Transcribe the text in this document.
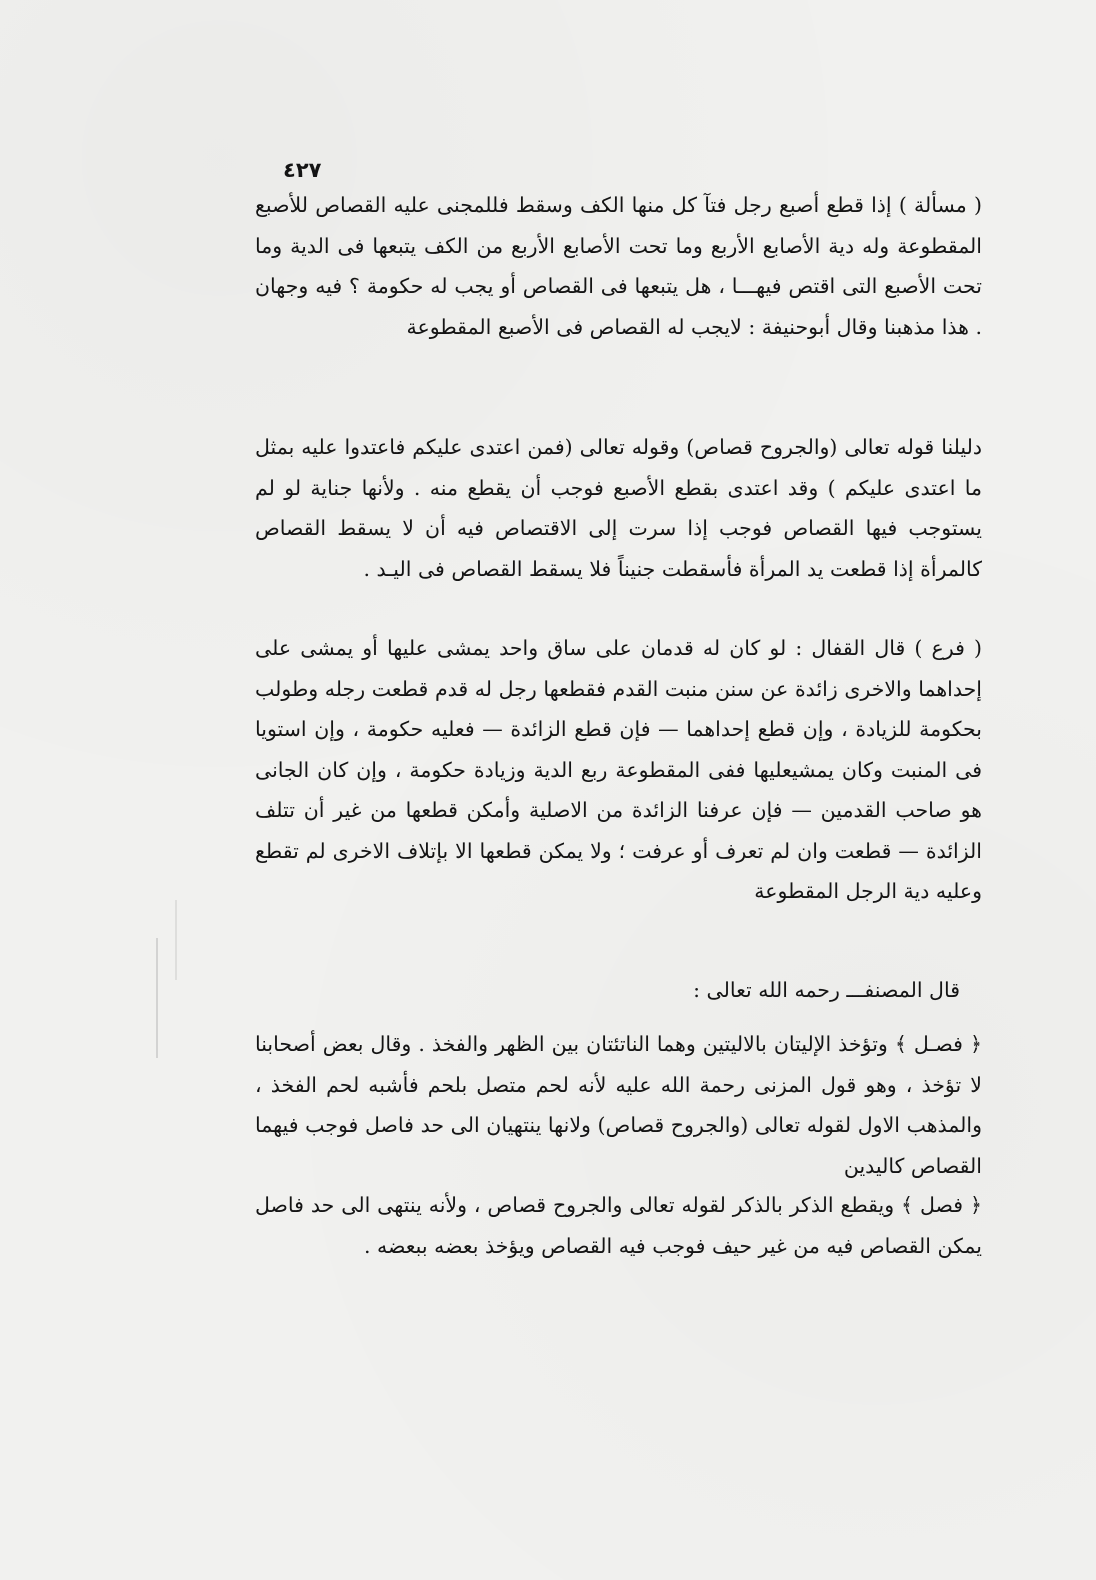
٤٢٧

( مسألة ) إذا قطع أصبع رجل فتآ كل منها الكف وسقط فللمجنى عليه القصاص للأصبع المقطوعة وله دية الأصابع الأربع وما تحت الأصابع الأربع من الكف يتبعها فى الدية وما تحت الأصبع التى اقتص فيهـــا ، هل يتبعها فى القصاص أو يجب له حكومة ؟ فيه وجهان . هذا مذهبنا وقال أبوحنيفة : لايجب له القصاص فى الأصبع المقطوعة

دليلنا قوله تعالى (والجروح قصاص) وقوله تعالى (فمن اعتدى عليكم فاعتدوا عليه بمثل ما اعتدى عليكم ) وقد اعتدى بقطع الأصبع فوجب أن يقطع منه . ولأنها جناية لو لم يستوجب فيها القصاص فوجب إذا سرت إلى الاقتصاص فيه أن لا يسقط القصاص كالمرأة إذا قطعت يد المرأة فأسقطت جنيناً فلا يسقط القصاص فى اليـد .

( فرع ) قال القفال : لو كان له قدمان على ساق واحد يمشى عليها أو يمشى على إحداهما والاخرى زائدة عن سنن منبت القدم فقطعها رجل له قدم قطعت رجله وطولب بحكومة للزيادة ، وإن قطع إحداهما — فإن قطع الزائدة — فعليه حكومة ، وإن استويا فى المنبت وكان يمشيعليها ففى المقطوعة ربع الدية وزيادة حكومة ، وإن كان الجانى هو صاحب القدمين — فإن عرفنا الزائدة من الاصلية وأمكن قطعها من غير أن تتلف الزائدة — قطعت وان لم تعرف أو عرفت ؛ ولا يمكن قطعها الا بإتلاف الاخرى لم تقطع وعليه دية الرجل المقطوعة

قال المصنفـــ رحمه الله تعالى :

﴿ فصـل ﴾ وتؤخذ الإليتان بالاليتين وهما الناتئتان بين الظهر والفخذ . وقال بعض أصحابنا لا تؤخذ ، وهو قول المزنى رحمة الله عليه لأنه لحم متصل بلحم فأشبه لحم الفخذ ، والمذهب الاول لقوله تعالى (والجروح قصاص) ولانها ينتهيان الى حد فاصل فوجب فيهما القصاص كاليدين

﴿ فصل ﴾ ويقطع الذكر بالذكر لقوله تعالى والجروح قصاص ، ولأنه ينتهى الى حد فاصل يمكن القصاص فيه من غير حيف فوجب فيه القصاص ويؤخذ بعضه ببعضه .
